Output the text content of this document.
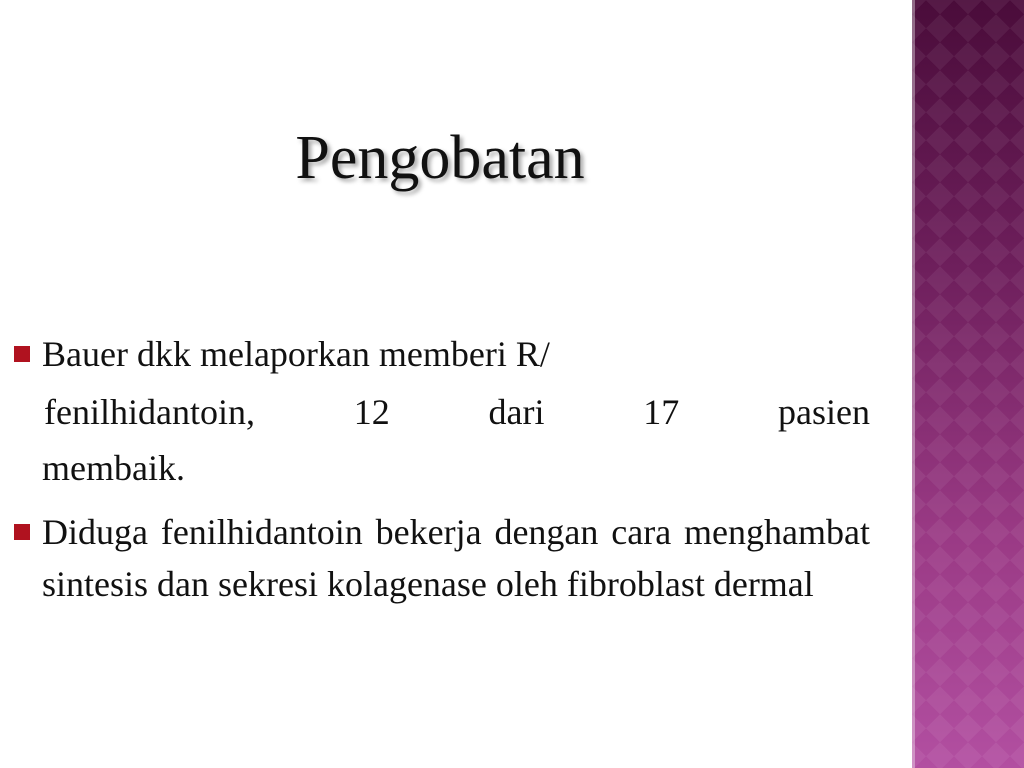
Pengobatan
Bauer dkk melaporkan memberi R/
fenilhidantoin, 12 dari 17 pasien
membaik.
Diduga fenilhidantoin bekerja dengan cara menghambat sintesis dan sekresi kolagenase oleh fibroblast dermal
